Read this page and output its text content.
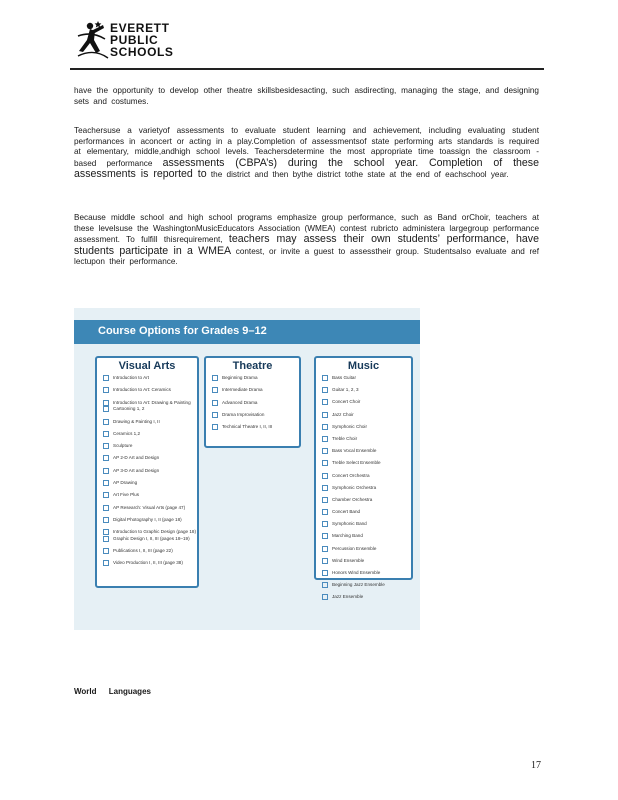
EVERETT
PUBLIC
SCHOOLS
have the opportunity to develop other theatre skillsbesidesacting, such asdirecting, managing the stage, and designing sets and costumes.
Teachersuse a varietyof assessments to evaluate student learning and achievement, including evaluating student performances in aconcert or acting in a play.Completion of assessmentsof state performing arts standards is required at elementary, middle,andhigh school levels. Teachersdetermine the most appropriate time toassign the classroom -based performance assessments (CBPA’s) during the school year. Completion of these assessments is reported to the district and then bythe district tothe state at the end of eachschool year.
Because middle school and high school programs emphasize group performance, such as Band orChoir, teachers at these levelsuse the WashingtonMusicEducators Association (WMEA) contest rubricto administera largegroup performance assessment. To fulfill thisrequirement, teachers may assess their own students’ performance, have students participate in a WMEA contest, or invite a guest to assesstheir group. Studentsalso evaluate and ref lectupon their performance.
Course Options for Grades 9–12
Visual Arts
Introduction to Art
Introduction to Art: Ceramics
Introduction to Art: Drawing & Painting
Cartooning 1, 2
Drawing & Painting I, II
Ceramics 1,2
Sculpture
AP 2-D Art and Design
AP 3-D Art and Design
AP Drawing
Art Five Plus
AP Research: Visual Arts (page 47)
Digital Photography I, II (page 18)
Introduction to Graphic Design (page 18)
Graphic Design I, II, III (pages 18–19)
Publications I, II, III (page 22)
Video Production I, II, III (page 38)
Theatre
Beginning Drama
Intermediate Drama
Advanced Drama
Drama Improvisation
Technical Theatre I, II, III
Music
Bass Guitar
Guitar 1, 2, 3
Concert Choir
Jazz Choir
Symphonic Choir
Treble Choir
Bass Vocal Ensemble
Treble Select Ensemble
Concert Orchestra
Symphonic Orchestra
Chamber Orchestra
Concert Band
Symphonic Band
Marching Band
Percussion Ensemble
Wind Ensemble
Honors Wind Ensemble
Beginning Jazz Ensemble
Jazz Ensemble
World Languages
17
